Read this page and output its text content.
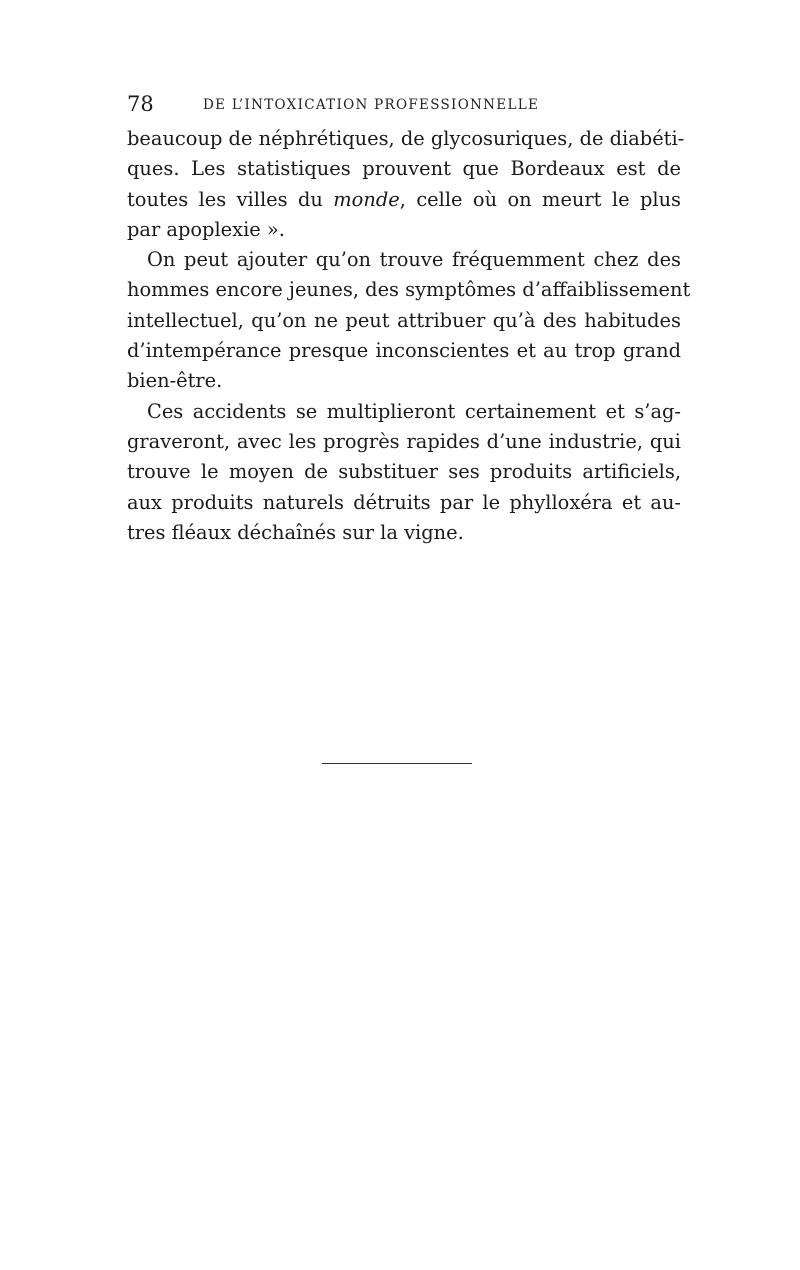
78	DE L’INTOXICATION PROFESSIONNELLE
beaucoup de néphrétiques, de glycosuriques, de diabéti-
ques. Les statistiques prouvent que Bordeaux est de
toutes les villes du monde, celle où on meurt le plus
par apoplexie ».
On peut ajouter qu’on trouve fréquemment chez des
hommes encore jeunes, des symptômes d’affaiblissement
intellectuel, qu’on ne peut attribuer qu’à des habitudes
d’intempérance presque inconscientes et au trop grand
bien-être.
Ces accidents se multiplieront certainement et s’ag-
graveront, avec les progrès rapides d’une industrie, qui
trouve le moyen de substituer ses produits artificiels,
aux produits naturels détruits par le phylloxéra et au-
tres fléaux déchaînés sur la vigne.
